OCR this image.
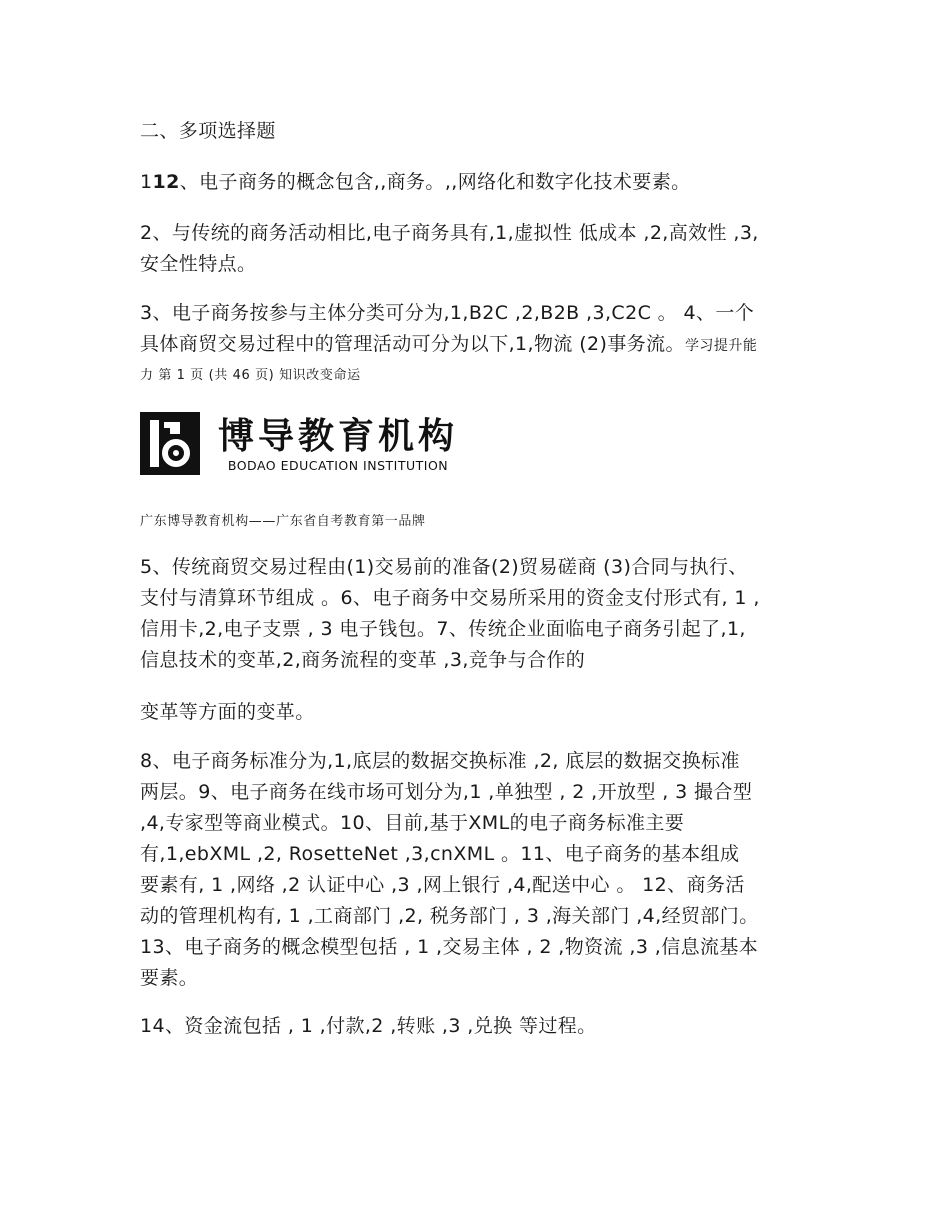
二、多项选择题
112、电子商务的概念包含,,商务。,,网络化和数字化技术要素。
2、与传统的商务活动相比,电子商务具有,1,虚拟性 低成本 ,2,高效性 ,3,
安全性特点。
3、电子商务按参与主体分类可分为,1,B2C ,2,B2B ,3,C2C 。 4、一个
具体商贸交易过程中的管理活动可分为以下,1,物流 (2)事务流。学习提升能
力 第 1 页 (共 46 页) 知识改变命运
博导教育机构
BODAO EDUCATION INSTITUTION
广东博导教育机构——广东省自考教育第一品牌
5、传统商贸交易过程由(1)交易前的准备(2)贸易磋商 (3)合同与执行、
支付与清算环节组成 。6、电子商务中交易所采用的资金支付形式有, 1 ,
信用卡,2,电子支票 , 3 电子钱包。7、传统企业面临电子商务引起了,1,
信息技术的变革,2,商务流程的变革 ,3,竞争与合作的
变革等方面的变革。
8、电子商务标准分为,1,底层的数据交换标准 ,2, 底层的数据交换标准
两层。9、电子商务在线市场可划分为,1 ,单独型 , 2 ,开放型 , 3 撮合型
,4,专家型等商业模式。10、目前,基于XML的电子商务标准主要
有,1,ebXML ,2, RosetteNet ,3,cnXML 。11、电子商务的基本组成
要素有, 1 ,网络 ,2 认证中心 ,3 ,网上银行 ,4,配送中心 。 12、商务活
动的管理机构有, 1 ,工商部门 ,2, 税务部门 , 3 ,海关部门 ,4,经贸部门。
13、电子商务的概念模型包括 , 1 ,交易主体 , 2 ,物资流 ,3 ,信息流基本
要素。
14、资金流包括 , 1 ,付款,2 ,转账 ,3 ,兑换 等过程。
